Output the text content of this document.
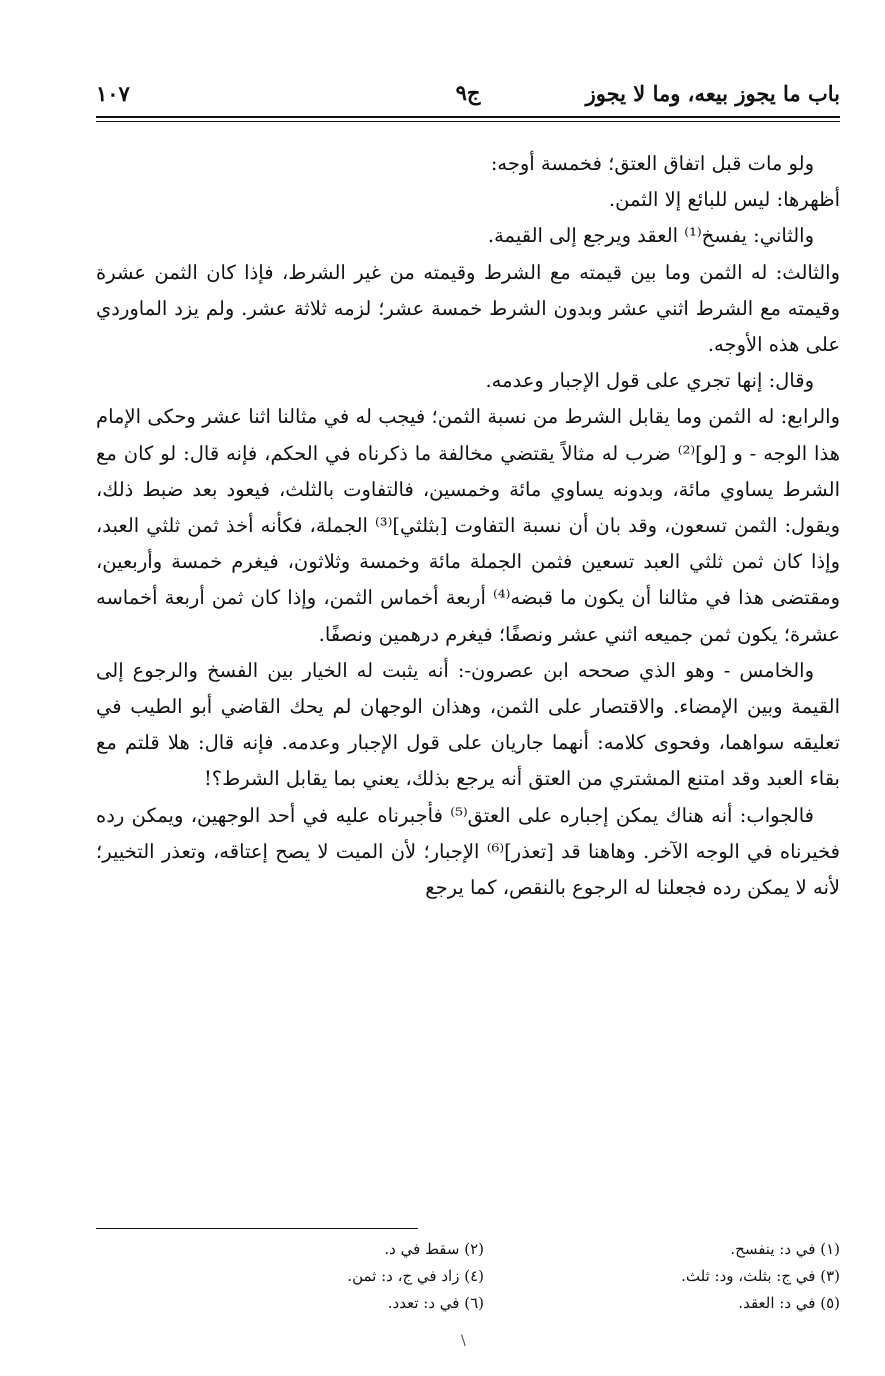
باب ما يجوز بيعه، وما لا يجوز
ج٩
١٠٧

ولو مات قبل اتفاق العتق؛ فخمسة أوجه:

أظهرها: ليس للبائع إلا الثمن.

والثاني: يفسخ⁽¹⁾ العقد ويرجع إلى القيمة.

والثالث: له الثمن وما بين قيمته مع الشرط وقيمته من غير الشرط، فإذا كان الثمن عشرة وقيمته مع الشرط اثني عشر وبدون الشرط خمسة عشر؛ لزمه ثلاثة عشر. ولم يزد الماوردي على هذه الأوجه.

وقال: إنها تجري على قول الإجبار وعدمه.

والرابع: له الثمن وما يقابل الشرط من نسبة الثمن؛ فيجب له في مثالنا اثنا عشر وحكى الإمام هذا الوجه - و [لو]⁽²⁾ ضرب له مثالاً يقتضي مخالفة ما ذكرناه في الحكم، فإنه قال: لو كان مع الشرط يساوي مائة، وبدونه يساوي مائة وخمسين، فالتفاوت بالثلث، فيعود بعد ضبط ذلك، ويقول: الثمن تسعون، وقد بان أن نسبة التفاوت [بثلثي]⁽³⁾ الجملة، فكأنه أخذ ثمن ثلثي العبد، وإذا كان ثمن ثلثي العبد تسعين فثمن الجملة مائة وخمسة وثلاثون، فيغرم خمسة وأربعين، ومقتضى هذا في مثالنا أن يكون ما قبضه⁽⁴⁾ أربعة أخماس الثمن، وإذا كان ثمن أربعة أخماسه عشرة؛ يكون ثمن جميعه اثني عشر ونصفًا؛ فيغرم درهمين ونصفًا.

والخامس - وهو الذي صححه ابن عصرون-: أنه يثبت له الخيار بين الفسخ والرجوع إلى القيمة وبين الإمضاء. والاقتصار على الثمن، وهذان الوجهان لم يحك القاضي أبو الطيب في تعليقه سواهما، وفحوى كلامه: أنهما جاريان على قول الإجبار وعدمه. فإنه قال: هلا قلتم مع بقاء العبد وقد امتنع المشتري من العتق أنه يرجع بذلك، يعني بما يقابل الشرط؟!

فالجواب: أنه هناك يمكن إجباره على العتق⁽⁵⁾ فأجبرناه عليه في أحد الوجهين، ويمكن رده فخيرناه في الوجه الآخر. وهاهنا قد [تعذر]⁽⁶⁾ الإجبار؛ لأن الميت لا يصح إعتاقه، وتعذر التخيير؛ لأنه لا يمكن رده فجعلنا له الرجوع بالنقص، كما يرجع

(١) في د: ينفسح.
(٢) سقط في د.
(٣) في ج: بثلث، ود: ثلث.
(٤) زاد في ج، د: ثمن.
(٥) في د: العقد.
(٦) في د: تعدد.
\
